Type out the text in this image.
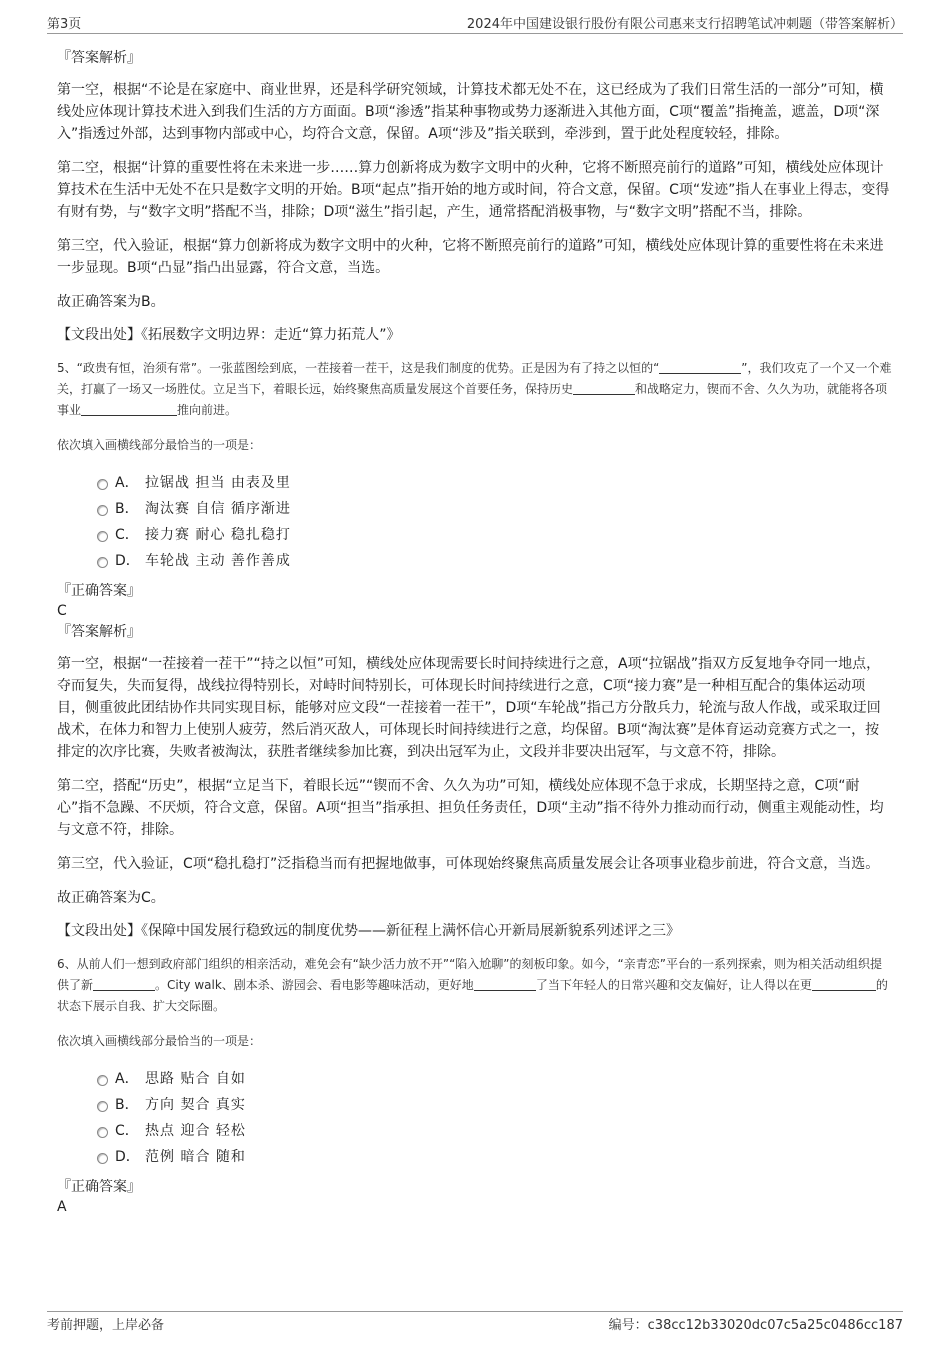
第3页	2024年中国建设银行股份有限公司惠来支行招聘笔试冲刺题（带答案解析）

『答案解析』

第一空，根据“不论是在家庭中、商业世界，还是科学研究领域，计算技术都无处不在，这已经成为了我们日常生活的一部分”可知，横线处应体现计算技术进入到我们生活的方方面面。B项“渗透”指某种事物或势力逐渐进入其他方面，C项“覆盖”指掩盖，遮盖，D项“深入”指透过外部，达到事物内部或中心，均符合文意，保留。A项“涉及”指关联到，牵涉到，置于此处程度较轻，排除。

第二空，根据“计算的重要性将在未来进一步……算力创新将成为数字文明中的火种，它将不断照亮前行的道路”可知，横线处应体现计算技术在生活中无处不在只是数字文明的开始。B项“起点”指开始的地方或时间，符合文意，保留。C项“发迹”指人在事业上得志，变得有财有势，与“数字文明”搭配不当，排除；D项“滋生”指引起，产生，通常搭配消极事物，与“数字文明”搭配不当，排除。

第三空，代入验证，根据“算力创新将成为数字文明中的火种，它将不断照亮前行的道路”可知，横线处应体现计算的重要性将在未来进一步显现。B项“凸显”指凸出显露，符合文意，当选。

故正确答案为B。

【文段出处】《拓展数字文明边界：走近“算力拓荒人”》

5、“政贵有恒，治须有常”。一张蓝图绘到底，一茬接着一茬干，这是我们制度的优势。正是因为有了持之以恒的“	”，我们攻克了一个又一个难关，打赢了一场又一场胜仗。立足当下，着眼长远，始终聚焦高质量发展这个首要任务，保持历史	和战略定力，锲而不舍、久久为功，就能将各项事业	推向前进。

依次填入画横线部分最恰当的一项是：

A． 拉锯战 担当 由表及里
B． 淘汰赛 自信 循序渐进
C． 接力赛 耐心 稳扎稳打
D． 车轮战 主动 善作善成

『正确答案』

C

『答案解析』

第一空，根据“一茬接着一茬干”“持之以恒”可知，横线处应体现需要长时间持续进行之意，A项“拉锯战”指双方反复地争夺同一地点，夺而复失，失而复得，战线拉得特别长，对峙时间特别长，可体现长时间持续进行之意，C项“接力赛”是一种相互配合的集体运动项目，侧重彼此团结协作共同实现目标，能够对应文段“一茬接着一茬干”，D项“车轮战”指己方分散兵力，轮流与敌人作战，或采取迂回战术，在体力和智力上使别人疲劳，然后消灭敌人，可体现长时间持续进行之意，均保留。B项“淘汰赛”是体育运动竞赛方式之一，按排定的次序比赛，失败者被淘汰，获胜者继续参加比赛，到决出冠军为止，文段并非要决出冠军，与文意不符，排除。

第二空，搭配“历史”，根据“立足当下，着眼长远”“锲而不舍、久久为功”可知，横线处应体现不急于求成，长期坚持之意，C项“耐心”指不急躁、不厌烦，符合文意，保留。A项“担当”指承担、担负任务责任，D项“主动”指不待外力推动而行动，侧重主观能动性，均与文意不符，排除。

第三空，代入验证，C项“稳扎稳打”泛指稳当而有把握地做事，可体现始终聚焦高质量发展会让各项事业稳步前进，符合文意，当选。

故正确答案为C。

【文段出处】《保障中国发展行稳致远的制度优势——新征程上满怀信心开新局展新貌系列述评之三》

6、从前人们一想到政府部门组织的相亲活动，难免会有“缺少活力放不开”“陷入尬聊”的刻板印象。如今，“亲青恋”平台的一系列探索，则为相关活动组织提供了新	。City walk、剧本杀、游园会、看电影等趣味活动，更好地	了当下年轻人的日常兴趣和交友偏好，让人得以在更	的状态下展示自我、扩大交际圈。

依次填入画横线部分最恰当的一项是：

A． 思路 贴合 自如
B． 方向 契合 真实
C． 热点 迎合 轻松
D． 范例 暗合 随和

『正确答案』

A

考前押题，上岸必备	编号：c38cc12b33020dc07c5a25c0486cc187
